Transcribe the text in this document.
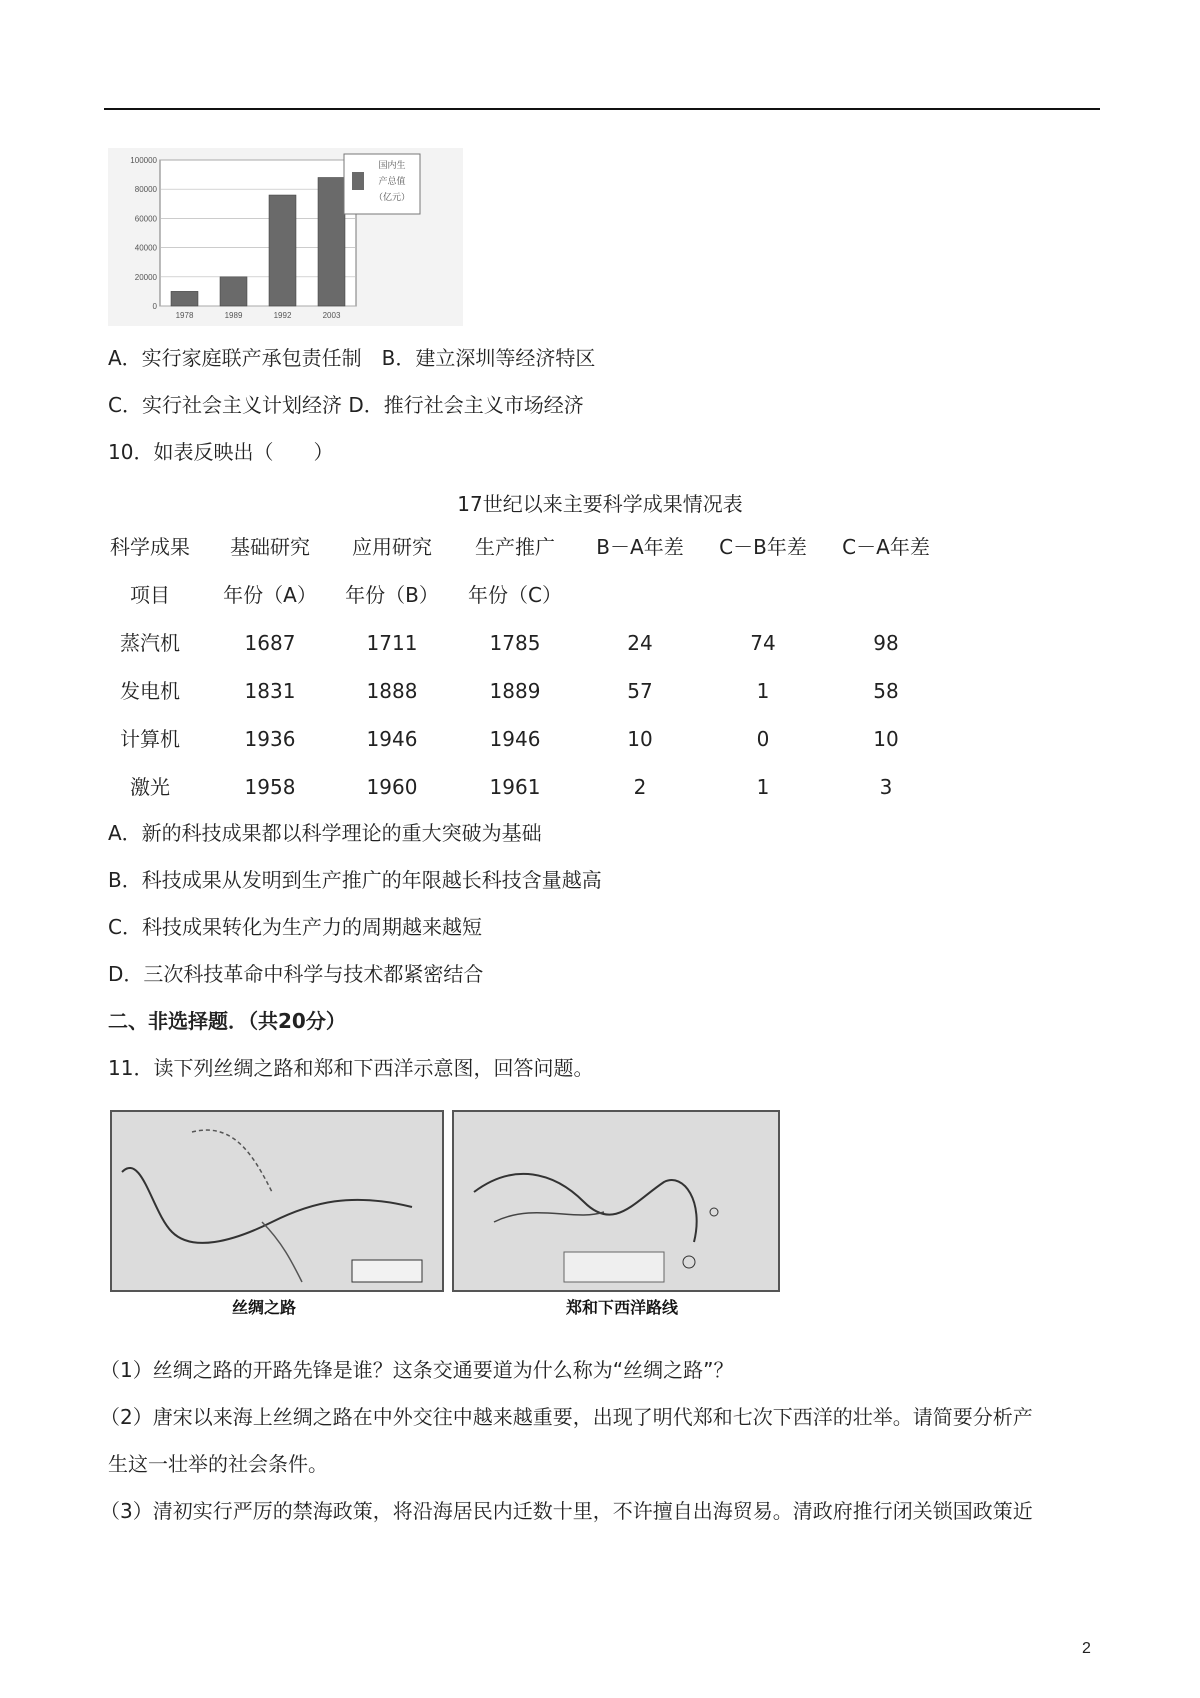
100000
80000
60000
40000
20000
0
1978	1989	1992	2003
国内生
产总值
（亿元）
A．实行家庭联产承包责任制　B．建立深圳等经济特区
C．实行社会主义计划经济 D．推行社会主义市场经济
10．如表反映出（　　）
17世纪以来主要科学成果情况表
科学成果	基础研究	应用研究	生产推广	B－A年差	C－B年差	C－A年差
项目	年份（A）	年份（B）	年份（C）
蒸汽机	1687	1711	1785	24	74	98
发电机	1831	1888	1889	57	1	58
计算机	1936	1946	1946	10	0	10
激光	1958	1960	1961	2	1	3
A．新的科技成果都以科学理论的重大突破为基础
B．科技成果从发明到生产推广的年限越长科技含量越高
C．科技成果转化为生产力的周期越来越短
D．三次科技革命中科学与技术都紧密结合
二、非选择题．（共20分）
11．读下列丝绸之路和郑和下西洋示意图，回答问题。
丝绸之路	郑和下西洋路线
（1）丝绸之路的开路先锋是谁？这条交通要道为什么称为“丝绸之路”？
（2）唐宋以来海上丝绸之路在中外交往中越来越重要，出现了明代郑和七次下西洋的壮举。请简要分析产
生这一壮举的社会条件。
（3）清初实行严厉的禁海政策，将沿海居民内迁数十里，不许擅自出海贸易。清政府推行闭关锁国政策近
2
